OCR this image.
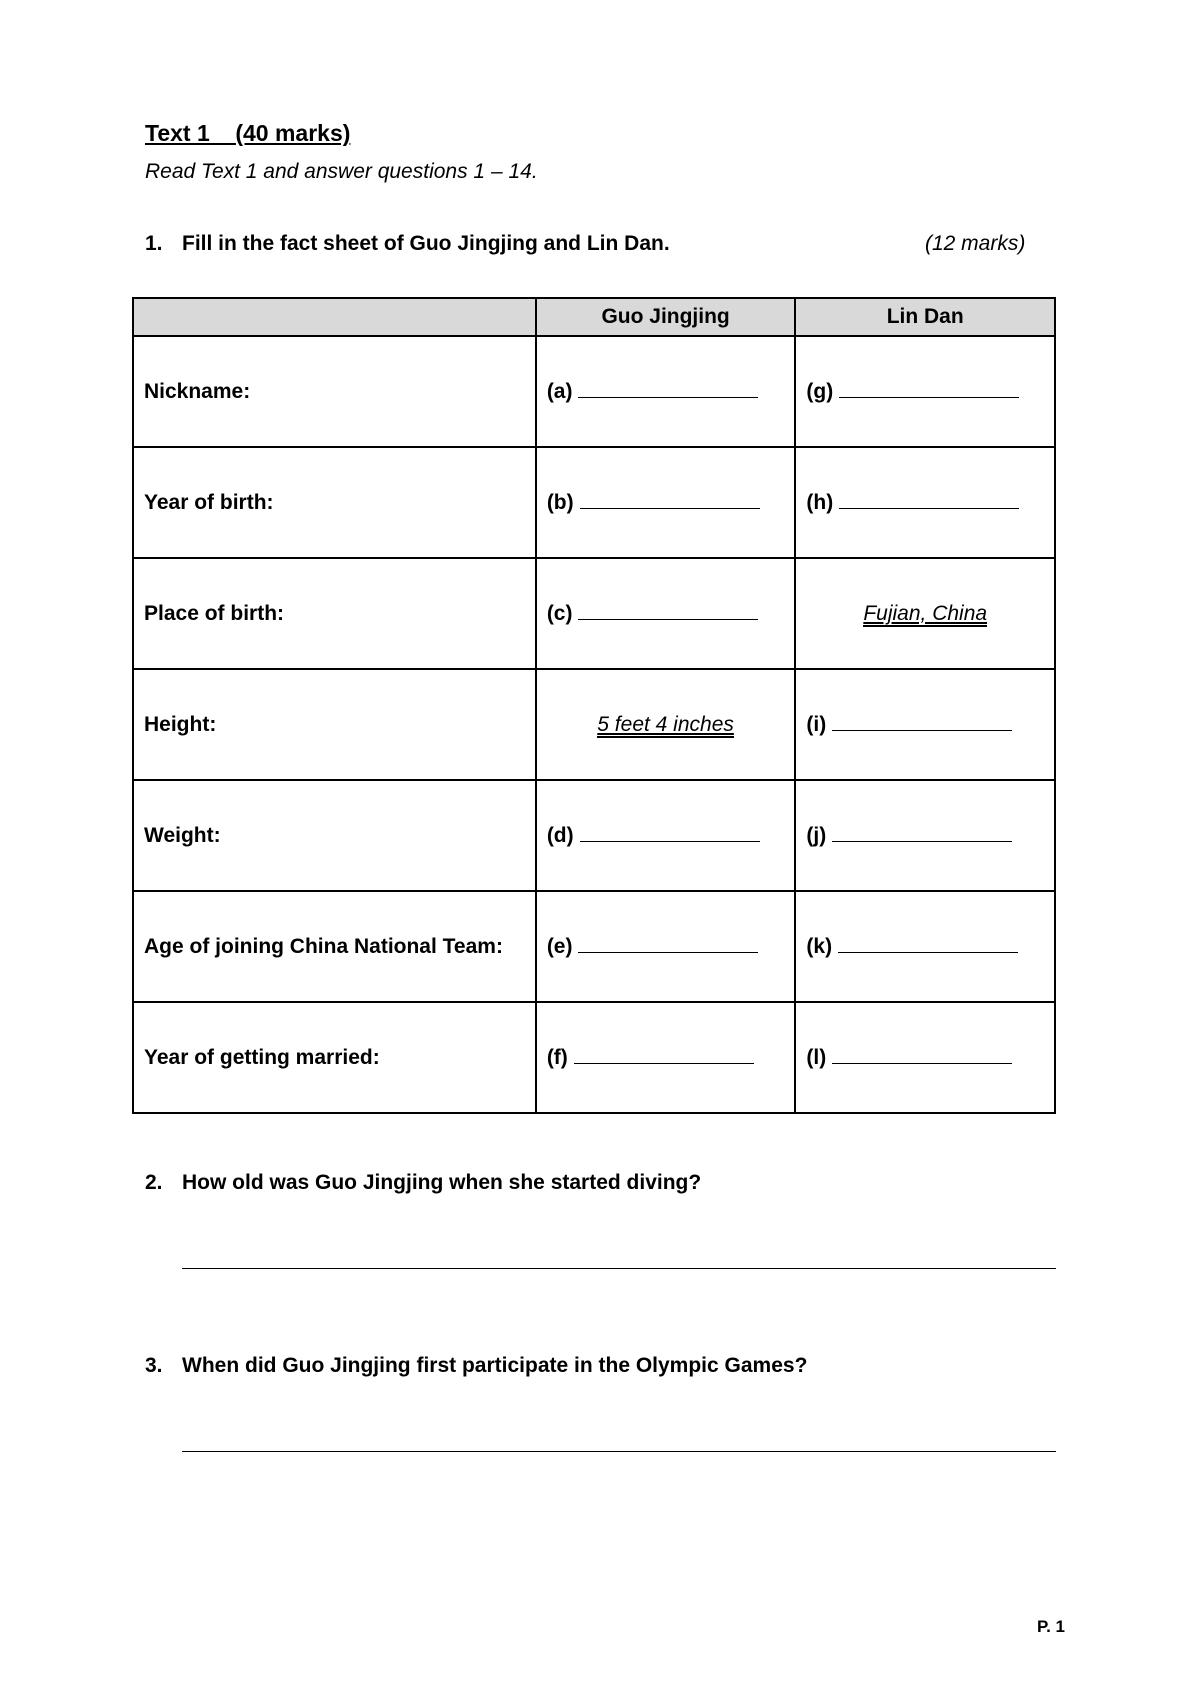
Text 1    (40 marks)
Read Text 1 and answer questions 1 – 14.
1. Fill in the fact sheet of Guo Jingjing and Lin Dan.	(12 marks)
	Guo Jingjing	Lin Dan
Nickname:	(a)	(g)
Year of birth:	(b)	(h)
Place of birth:	(c)	Fujian, China
Height:	5 feet 4 inches	(i)
Weight:	(d)	(j)
Age of joining China National Team:	(e)	(k)
Year of getting married:	(f)	(l)
2. How old was Guo Jingjing when she started diving?
3. When did Guo Jingjing first participate in the Olympic Games?
P. 1
